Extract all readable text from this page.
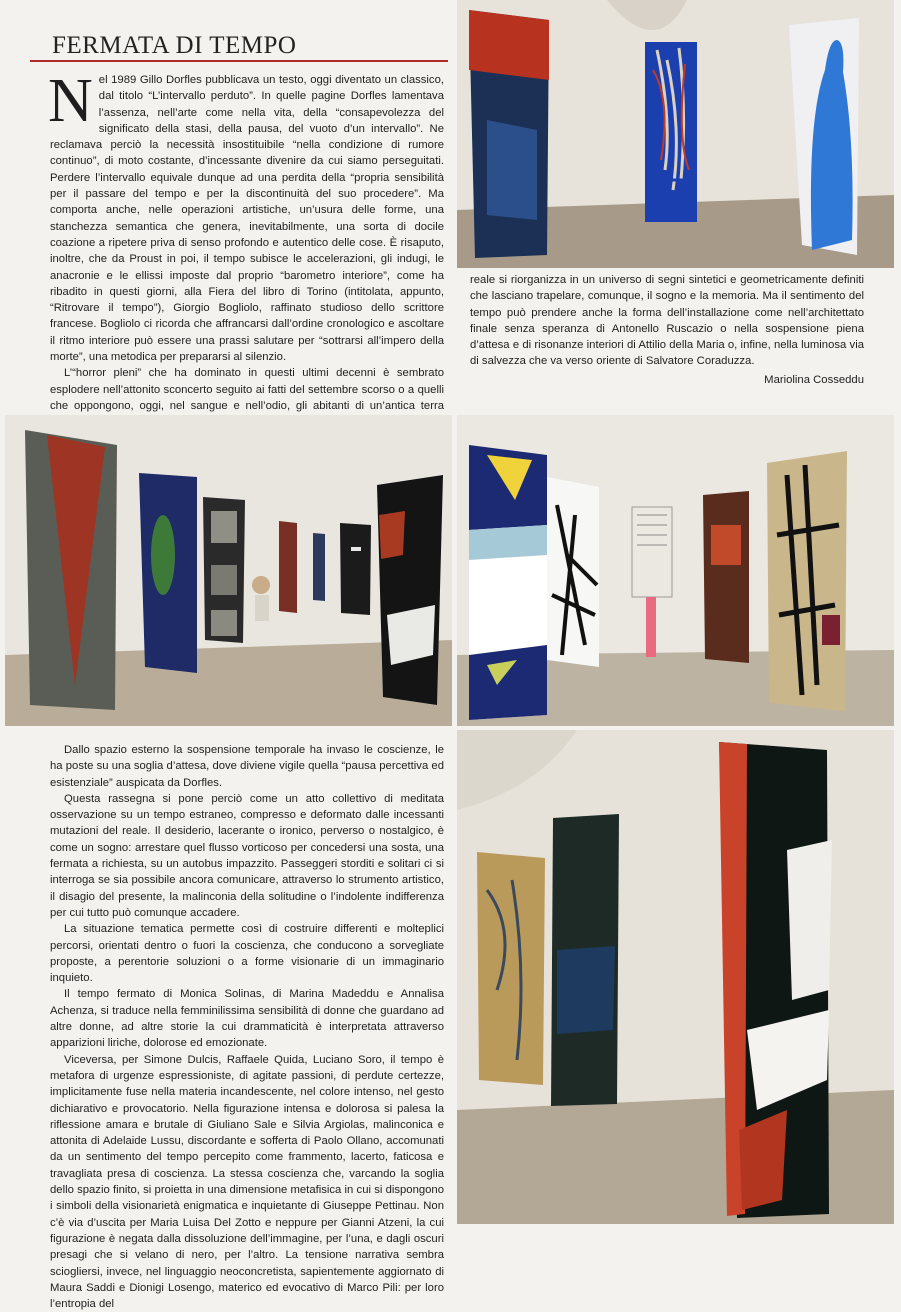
FERMATA DI TEMPO
N el 1989 Gillo Dorfles pubblicava un testo, oggi diventato un classico, dal titolo “L’intervallo perduto”. In quelle pagine Dorfles lamentava l’assenza, nell’arte come nella vita, della “consapevolezza del significato della stasi, della pausa, del vuoto d’un intervallo”. Ne reclamava perciò la necessità insostituibile “nella condizione di rumore continuo”, di moto costante, d’incessante divenire da cui siamo perseguitati. Perdere l’intervallo equivale dunque ad una perdita della “propria sensibilità per il passare del tempo e per la discontinuità del suo procedere”. Ma comporta anche, nelle operazioni artistiche, un’usura delle forme, una stanchezza semantica che genera, inevitabilmente, una sorta di docile coazione a ripetere priva di senso profondo e autentico delle cose. È risaputo, inoltre, che da Proust in poi, il tempo subisce le accelerazioni, gli indugi, le anacronie e le ellissi imposte dal proprio “barometro interiore”, come ha ribadito in questi giorni, alla Fiera del libro di Torino (intitolata, appunto, “Ritrovare il tempo”), Giorgio Bogliolo, raffinato studioso dello scrittore francese. Bogliolo ci ricorda che affrancarsi dall’ordine cronologico e ascoltare il ritmo interiore può essere una prassi salutare per “sottrarsi all’impero della morte”, una metodica per prepararsi al silenzio.

L’“horror pleni” che ha dominato in questi ultimi decenni è sembrato esplodere nell’attonito sconcerto seguito ai fatti del settembre scorso o a quelli che oppongono, oggi, nel sangue e nell’odio, gli abitanti di un’antica terra

reale si riorganizza in un universo di segni sintetici e geometricamente definiti che lasciano trapelare, comunque, il sogno e la memoria. Ma il sentimento del tempo può prendere anche la forma dell’installazione come nell’architettato finale senza speranza di Antonello Ruscazio o nella sospensione piena d’attesa e di risonanze interiori di Attilio della Maria o, infine, nella luminosa via di salvezza che va verso oriente di Salvatore Coraduzza.

Mariolina Cosseddu

Dallo spazio esterno la sospensione temporale ha invaso le coscienze, le ha poste su una soglia d’attesa, dove diviene vigile quella “pausa percettiva ed esistenziale” auspicata da Dorfles.

Questa rassegna si pone perciò come un atto collettivo di meditata osservazione su un tempo estraneo, compresso e deformato dalle incessanti mutazioni del reale. Il desiderio, lacerante o ironico, perverso o nostalgico, è come un sogno: arrestare quel flusso vorticoso per concedersi una sosta, una fermata a richiesta, su un autobus impazzito. Passeggeri storditi e solitari ci si interroga se sia possibile ancora comunicare, attraverso lo strumento artistico, il disagio del presente, la malinconia della solitudine o l’indolente indifferenza per cui tutto può comunque accadere.

La situazione tematica permette così di costruire differenti e molteplici percorsi, orientati dentro o fuori la coscienza, che conducono a sorvegliate proposte, a perentorie soluzioni o a forme visionarie di un immaginario inquieto.

Il tempo fermato di Monica Solinas, di Marina Madeddu e Annalisa Achenza, si traduce nella femminilissima sensibilità di donne che guardano ad altre donne, ad altre storie la cui drammaticità è interpretata attraverso apparizioni liriche, dolorose ed emozionate.

Viceversa, per Simone Dulcis, Raffaele Quida, Luciano Soro, il tempo è metafora di urgenze espressioniste, di agitate passioni, di perdute certezze, implicitamente fuse nella materia incandescente, nel colore intenso, nel gesto dichiarativo e provocatorio. Nella figurazione intensa e dolorosa si palesa la riflessione amara e brutale di Giuliano Sale e Silvia Argiolas, malinconica e attonita di Adelaide Lussu, discordante e sofferta di Paolo Ollano, accomunati da un sentimento del tempo percepito come frammento, lacerto, faticosa e travagliata presa di coscienza. La stessa coscienza che, varcando la soglia dello spazio finito, si proietta in una dimensione metafisica in cui si dispongono i simboli della visionarietà enigmatica e inquietante di Giuseppe Pettinau. Non c’è via d’uscita per Maria Luisa Del Zotto e neppure per Gianni Atzeni, la cui figurazione è negata dalla dissoluzione dell’immagine, per l’una, e dagli oscuri presagi che si velano di nero, per l’altro. La tensione narrativa sembra sciogliersi, invece, nel linguaggio neoconcretista, sapientemente aggiornato di Maura Saddi e Dionigi Losengo, materico ed evocativo di Marco Pili: per loro l’entropia del
